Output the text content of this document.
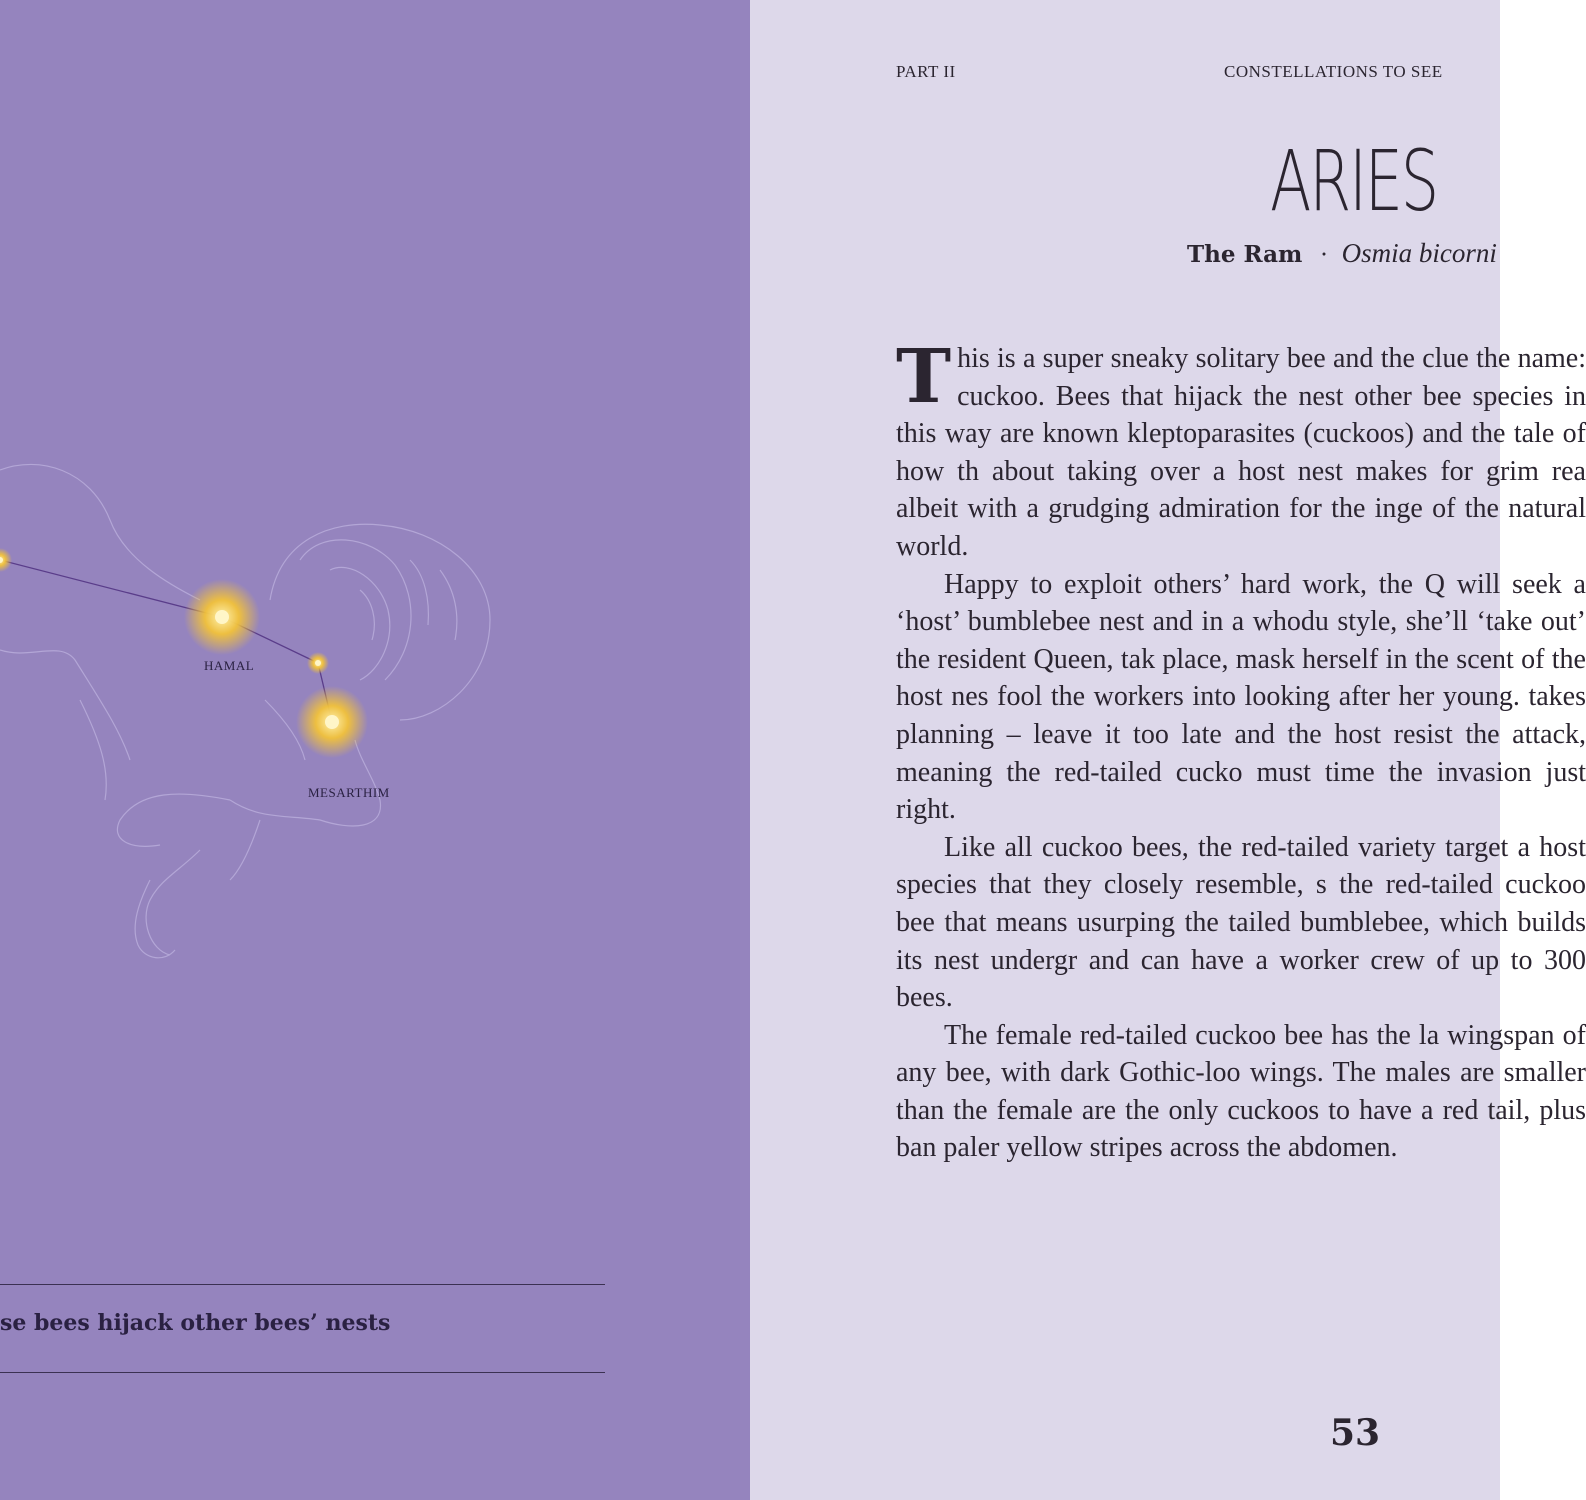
HAMAL
MESARTHIM
se bees hijack other bees’ nests
PART II	CONSTELLATIONS TO SEE
ARIES
The Ram · Osmia bicorni

This is a super sneaky solitary bee and the clue the name: cuckoo. Bees that hijack the nest other bee species in this way are known kleptoparasites (cuckoos) and the tale of how th about taking over a host nest makes for grim rea albeit with a grudging admiration for the inge of the natural world.

Happy to exploit others’ hard work, the Q will seek a ‘host’ bumblebee nest and in a whodu style, she’ll ‘take out’ the resident Queen, tak place, mask herself in the scent of the host nes fool the workers into looking after her young. takes planning – leave it too late and the host resist the attack, meaning the red-tailed cucko must time the invasion just right.

Like all cuckoo bees, the red-tailed variety target a host species that they closely resemble, s the red-tailed cuckoo bee that means usurping the tailed bumblebee, which builds its nest undergr and can have a worker crew of up to 300 bees.

The female red-tailed cuckoo bee has the la wingspan of any bee, with dark Gothic-loo wings. The males are smaller than the female are the only cuckoos to have a red tail, plus ban paler yellow stripes across the abdomen.

53
